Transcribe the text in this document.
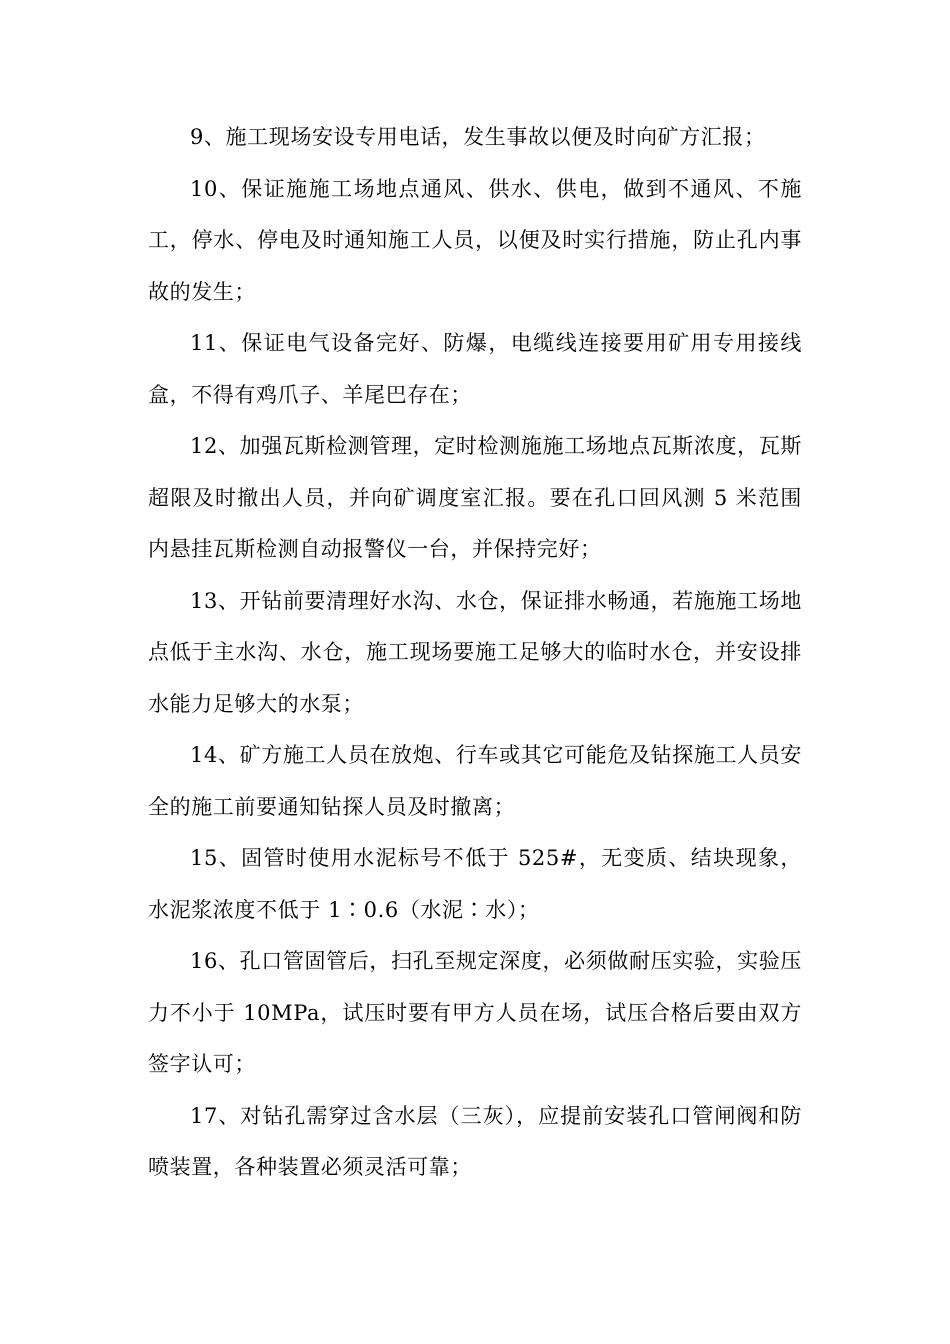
9、施工现场安设专用电话，发生事故以便及时向矿方汇报；

10、保证施施工场地点通风、供水、供电，做到不通风、不施工，停水、停电及时通知施工人员，以便及时实行措施，防止孔内事故的发生；

11、保证电气设备完好、防爆，电缆线连接要用矿用专用接线盒，不得有鸡爪子、羊尾巴存在；

12、加强瓦斯检测管理，定时检测施施工场地点瓦斯浓度，瓦斯超限及时撤出人员，并向矿调度室汇报。要在孔口回风测 5 米范围内悬挂瓦斯检测自动报警仪一台，并保持完好；

13、开钻前要清理好水沟、水仓，保证排水畅通，若施施工场地点低于主水沟、水仓，施工现场要施工足够大的临时水仓，并安设排水能力足够大的水泵；

14、矿方施工人员在放炮、行车或其它可能危及钻探施工人员安全的施工前要通知钻探人员及时撤离；

15、固管时使用水泥标号不低于 525#，无变质、结块现象，水泥浆浓度不低于 1∶0.6（水泥∶水）；

16、孔口管固管后，扫孔至规定深度，必须做耐压实验，实验压力不小于 10MPa，试压时要有甲方人员在场，试压合格后要由双方签字认可；

17、对钻孔需穿过含水层（三灰），应提前安装孔口管闸阀和防喷装置，各种装置必须灵活可靠；
